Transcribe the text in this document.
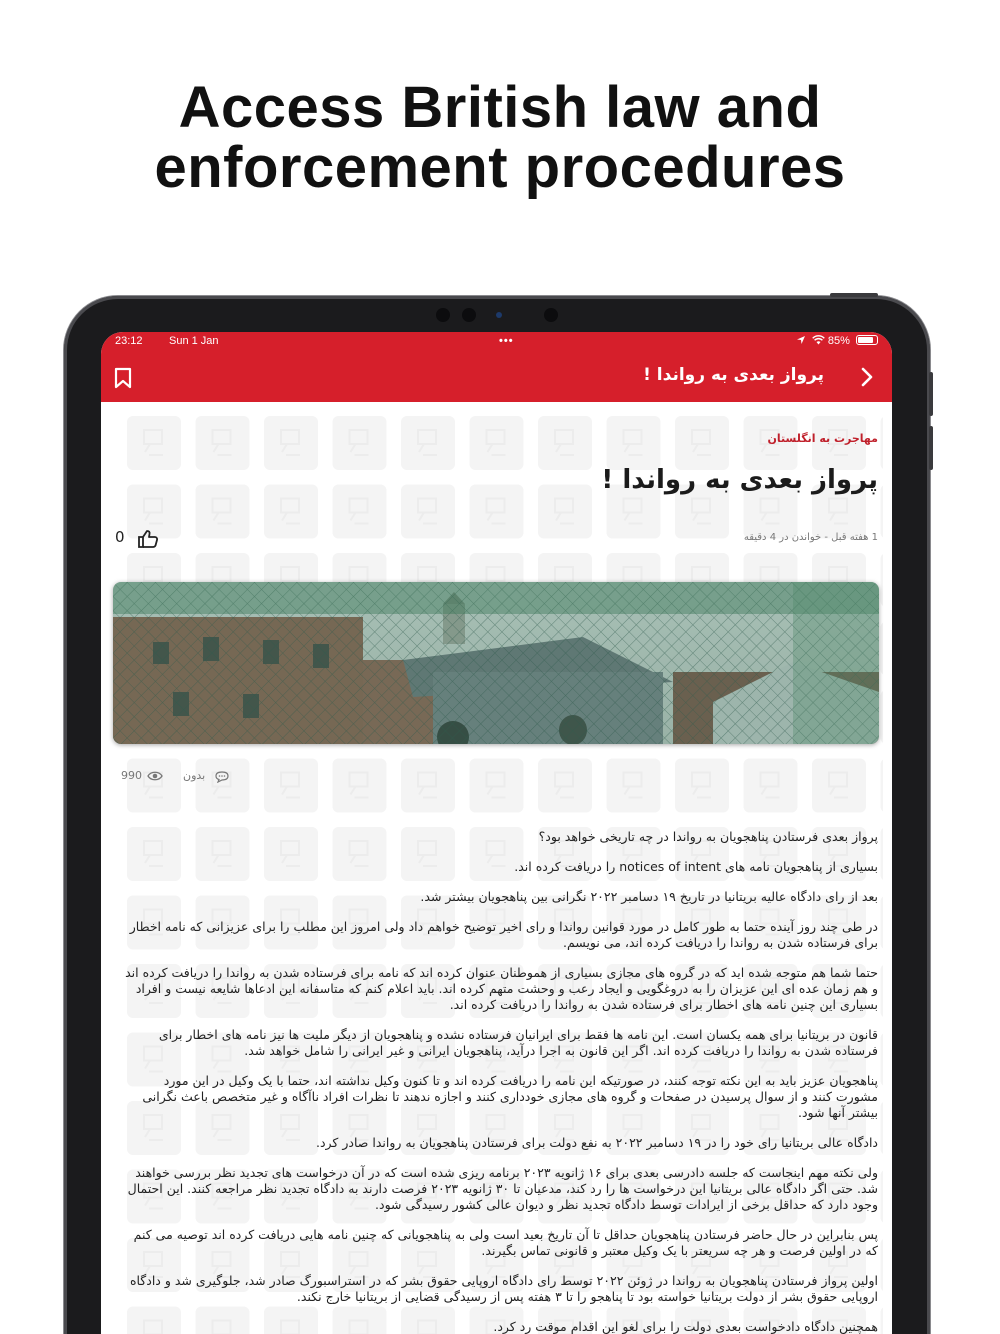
Access British law and
enforcement procedures
23:12 Sun 1 Jan	•••	85%
پرواز بعدی به رواندا !
مهاجرت به انگلستان
پرواز بعدی به رواندا !
1 هفته قبل - خواندن در 4 دقیقه
0
990	بدون

پرواز بعدی فرستادن پناهجویان به رواندا در چه تاریخی خواهد بود؟

بسیاری از پناهجویان نامه های notices of intent را دریافت کرده اند.

بعد از رای دادگاه عالیه بریتانیا در تاریخ ۱۹ دسامبر ۲۰۲۲ نگرانی بین پناهجویان بیشتر شد.

در طی چند روز آینده حتما به طور کامل در مورد قوانین رواندا و رای اخیر توضیح خواهم داد ولی امروز این مطلب را برای عزیزانی که نامه اخطار برای فرستاده شدن به رواندا را دریافت کرده اند، می نویسم.

حتما شما هم متوجه شده اید که در گروه های مجازی بسیاری از هموطنان عنوان کرده اند که نامه برای فرستاده شدن به رواندا را دریافت کرده اند و هم زمان عده ای این عزیزان را به دروغگویی و ایجاد رعب و وحشت متهم کرده اند. باید اعلام کنم که متاسفانه این ادعاها شایعه نیست و افراد بسیاری این چنین نامه های اخطار برای فرستاده شدن به رواندا را دریافت کرده اند.

قانون در بریتانیا برای همه یکسان است. این نامه ها فقط برای ایرانیان فرستاده نشده و پناهجویان از دیگر ملیت ها نیز نامه های اخطار برای فرستاده شدن به رواندا را دریافت کرده اند. اگر این قانون به اجرا درآید، پناهجویان ایرانی و غیر ایرانی را شامل خواهد شد.

پناهجویان عزیز باید به این نکته توجه کنند، در صورتیکه این نامه را دریافت کرده اند و تا کنون وکیل نداشته اند، حتما با یک وکیل در این مورد مشورت کنند و از سوال پرسیدن در صفحات و گروه های مجازی خودداری کنند و اجازه ندهند تا نظرات افراد ناآگاه و غیر متخصص باعث نگرانی بیشتر آنها شود.

دادگاه عالی بریتانیا رای خود را در ۱۹ دسامبر ۲۰۲۲ به نفع دولت برای فرستادن پناهجویان به رواندا صادر کرد.

ولی نکته مهم اینجاست که جلسه دادرسی بعدی برای ۱۶ ژانویه ۲۰۲۳ برنامه ریزی شده است که در آن درخواست های تجدید نظر بررسی خواهند شد. حتی اگر دادگاه عالی بریتانیا این درخواست ها را رد کند، مدعیان تا ۳۰ ژانویه ۲۰۲۳ فرصت دارند به دادگاه تجدید نظر مراجعه کنند. این احتمال وجود دارد که حداقل برخی از ایرادات توسط دادگاه تجدید نظر و دیوان عالی کشور رسیدگی شود.

پس بنابراین در حال حاضر فرستادن پناهجویان حداقل تا آن تاریخ بعید است ولی به پناهجویانی که چنین نامه هایی دریافت کرده اند توصیه می کنم که در اولین فرصت و هر چه سریعتر با یک وکیل معتبر و قانونی تماس بگیرند.

اولین پرواز فرستادن پناهجویان به رواندا در ژوئن ۲۰۲۲ توسط رای دادگاه اروپایی حقوق بشر که در استراسبورگ صادر شد، جلوگیری شد و دادگاه اروپایی حقوق بشر از دولت بریتانیا خواسته بود تا پناهجو را تا ۳ هفته پس از رسیدگی قضایی از بریتانیا خارج نکند.

همچنین دادگاه دادخواست بعدی دولت را برای لغو این اقدام موقت رد کرد.
